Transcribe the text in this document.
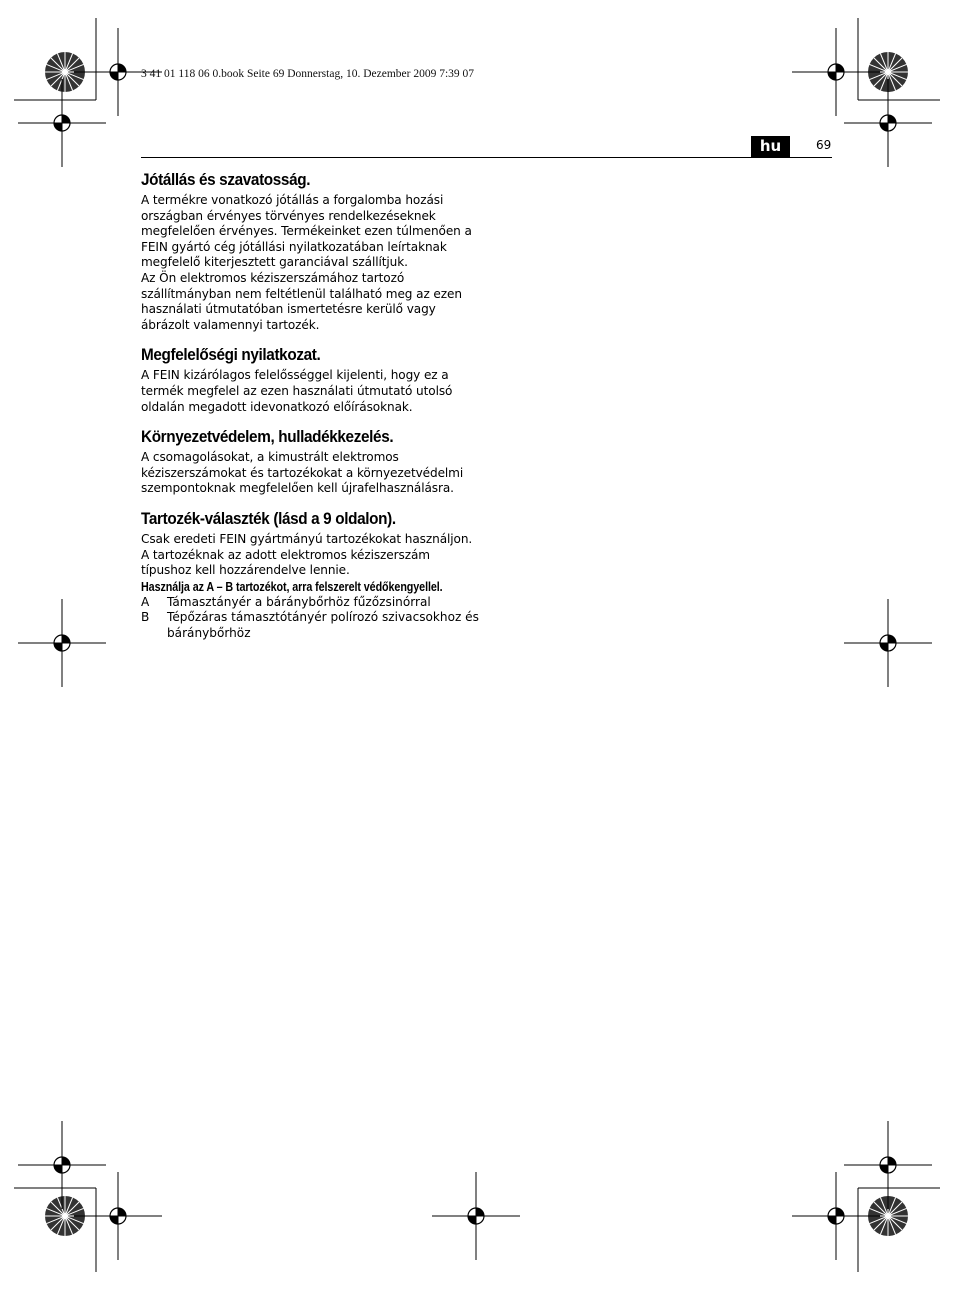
3 41 01 118 06 0.book Seite 69 Donnerstag, 10. Dezember 2009 7:39 07
hu	69
Jótállás és szavatosság.

A termékre vonatkozó jótállás a forgalomba hozási országban érvényes törvényes rendelkezéseknek megfelelően érvényes. Termékeinket ezen túlmenően a FEIN gyártó cég jótállási nyilatkozatában leírtaknak megfelelő kiterjesztett garanciával szállítjuk.

Az Ön elektromos kéziszerszámához tartozó szállítmányban nem feltétlenül található meg az ezen használati útmutatóban ismertetésre kerülő vagy ábrázolt valamennyi tartozék.

Megfelelőségi nyilatkozat.

A FEIN kizárólagos felelősséggel kijelenti, hogy ez a termék megfelel az ezen használati útmutató utolsó oldalán megadott idevonatkozó előírásoknak.

Környezetvédelem, hulladékkezelés.

A csomagolásokat, a kimustrált elektromos kéziszerszámokat és tartozékokat a környezetvédelmi szempontoknak megfelelően kell újrafelhasználásra.

Tartozék-választék (lásd a 9 oldalon).

Csak eredeti FEIN gyártmányú tartozékokat használjon. A tartozéknak az adott elektromos kéziszerszám típushoz kell hozzárendelve lennie.

Használja az A – B tartozékot, arra felszerelt védőkengyellel.

A	Támasztányér a báránybőrhöz fűzőzsinórral
B	Tépőzáras támasztótányér polírozó szivacsokhoz és báránybőrhöz
